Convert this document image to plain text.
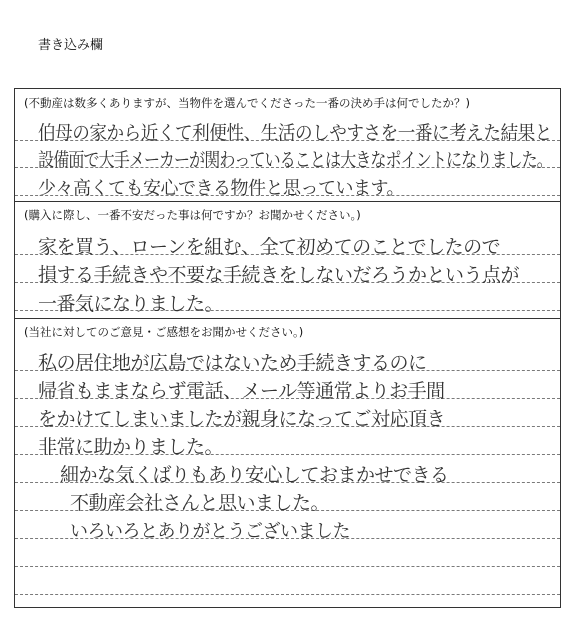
書き込み欄
(不動産は数多くありますが、当物件を選んでくださった一番の決め手は何でしたか？)
伯母の家から近くて利便性、生活のしやすさを一番に考えた結果と
設備面で大手メーカーが関わっていることは大きなポイントになりました。
少々高くても安心できる物件と思っています。
(購入に際し、一番不安だった事は何ですか？お聞かせください。)
家を買う、ローンを組む、全て初めてのことでしたので
損する手続きや不要な手続きをしないだろうかという点が
一番気になりました。
(当社に対してのご意見・ご感想をお聞かせください。)
私の居住地が広島ではないため手続きするのに
帰省もままならず電話、メール等通常よりお手間
をかけてしまいましたが親身になってご対応頂き
非常に助かりました。
細かな気くばりもあり安心しておまかせできる
不動産会社さんと思いました。
いろいろとありがとうございました
